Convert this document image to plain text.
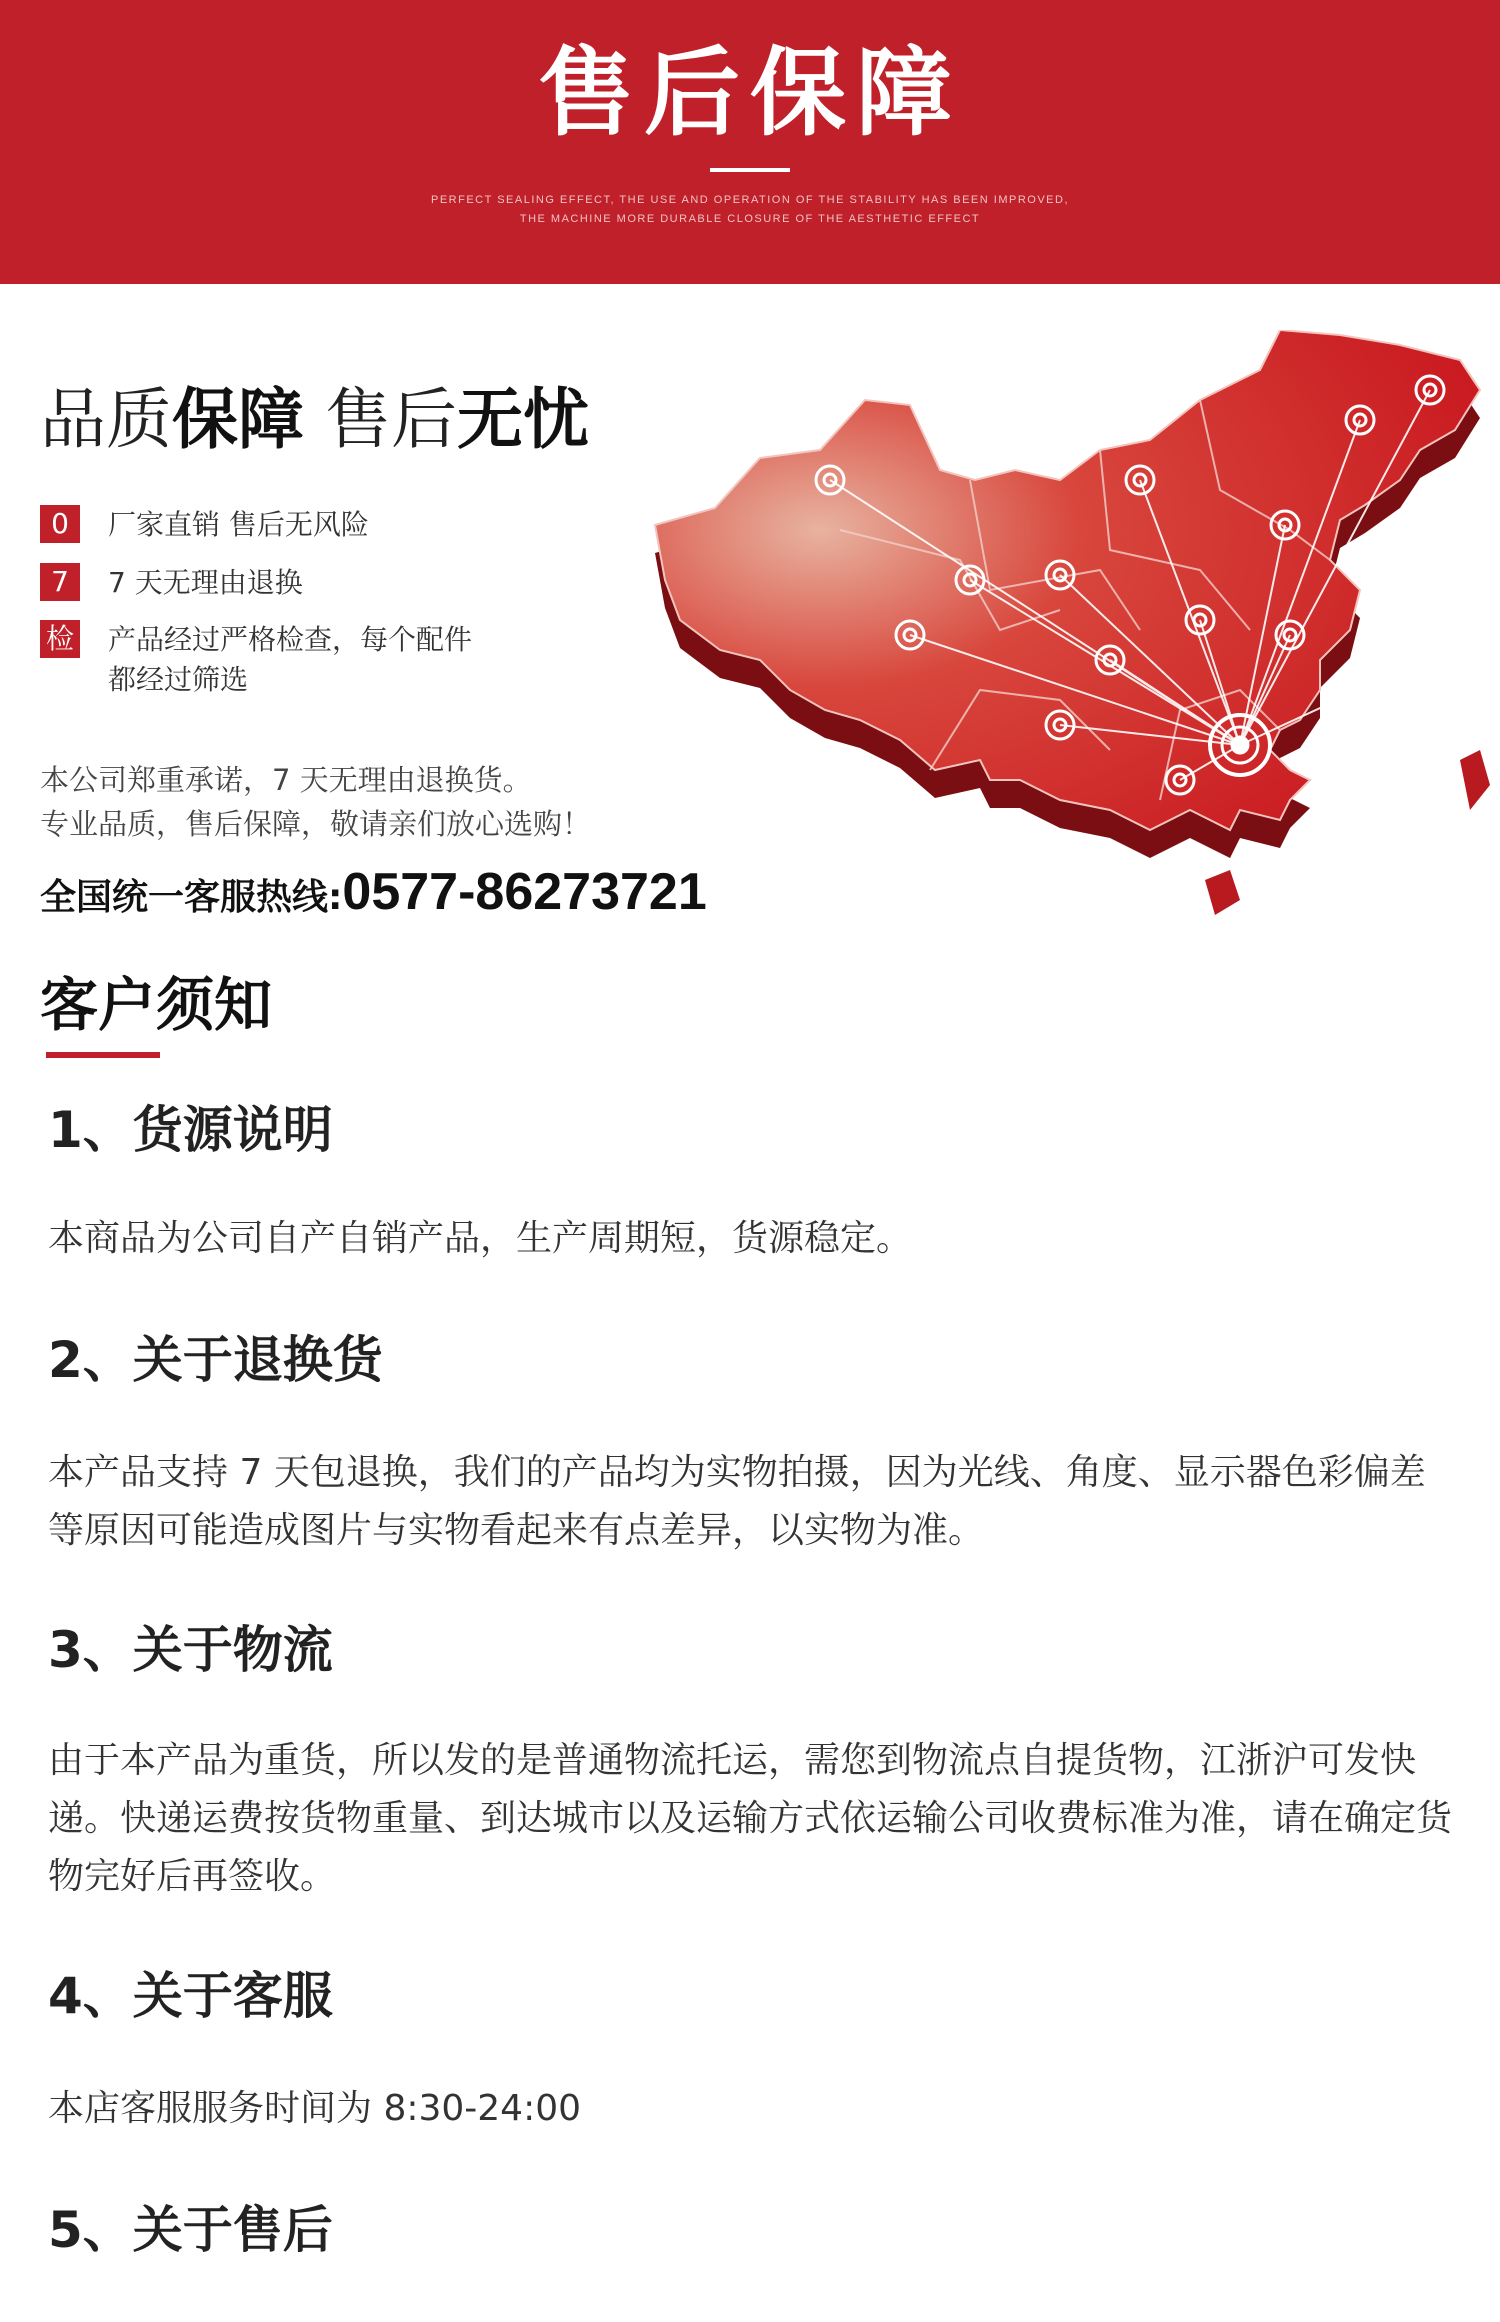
售后保障
PERFECT SEALING EFFECT, THE USE AND OPERATION OF THE STABILITY HAS BEEN IMPROVED,
THE MACHINE MORE DURABLE CLOSURE OF THE AESTHETIC EFFECT
品质保障 售后无忧
0	厂家直销 售后无风险
7	7 天无理由退换
检 产品经过严格检查，每个配件
都经过筛选
本公司郑重承诺，7 天无理由退换货。
专业品质，售后保障，敬请亲们放心选购！
全国统一客服热线:0577-86273721
客户须知
1、货源说明
本商品为公司自产自销产品，生产周期短，货源稳定。
2、关于退换货
本产品支持 7 天包退换，我们的产品均为实物拍摄，因为光线、角度、显示器色彩偏差等原因可能造成图片与实物看起来有点差异，以实物为准。
3、关于物流
由于本产品为重货，所以发的是普通物流托运，需您到物流点自提货物，江浙沪可发快递。快递运费按货物重量、到达城市以及运输方式依运输公司收费标准为准，请在确定货物完好后再签收。
4、关于客服
本店客服服务时间为 8:30-24:00
5、关于售后
